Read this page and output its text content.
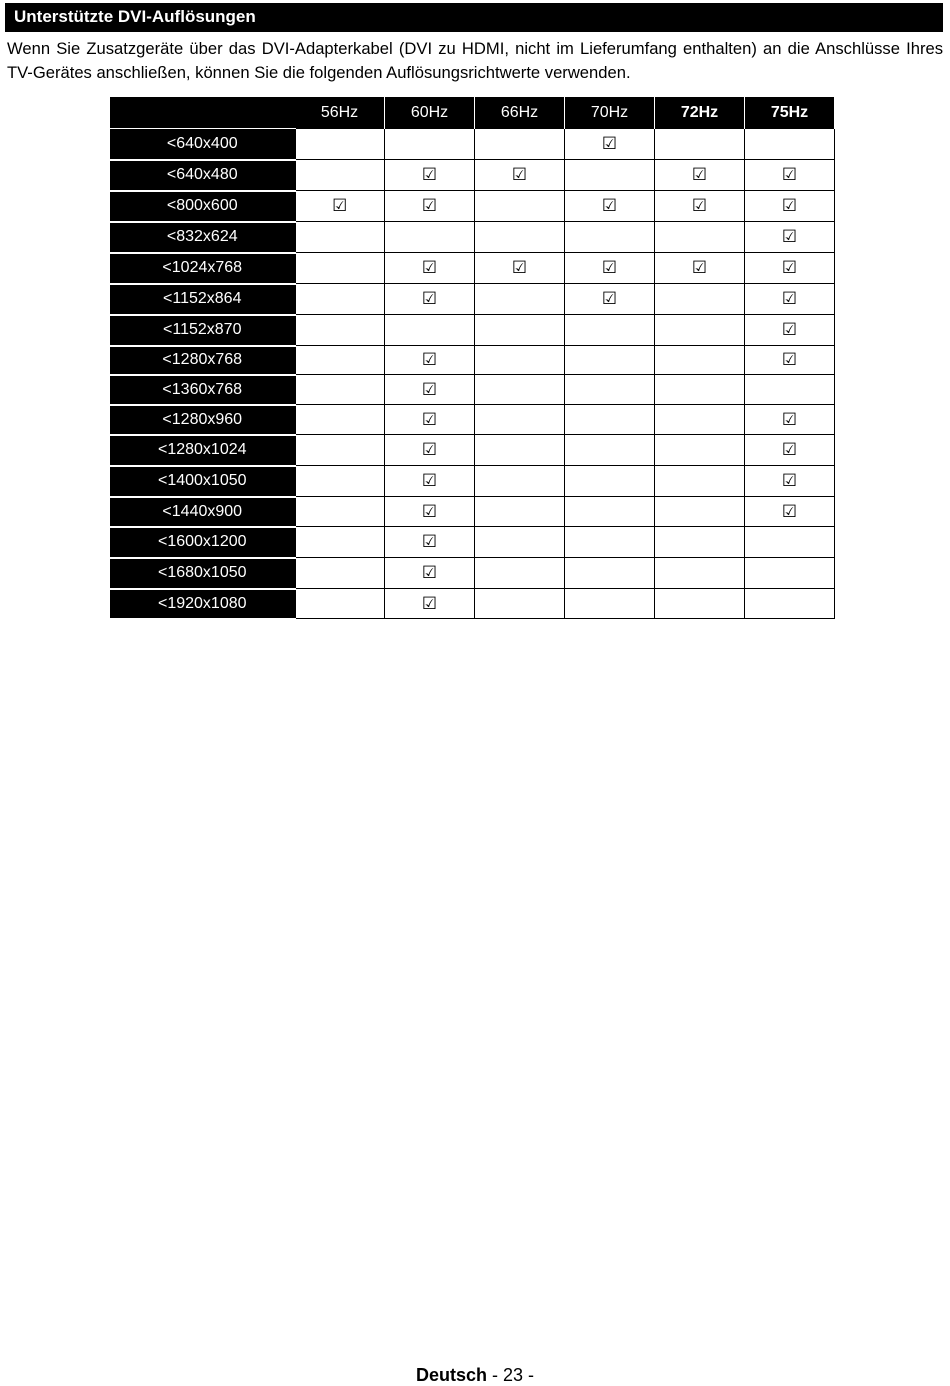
Unterstützte DVI-Auflösungen

Wenn Sie Zusatzgeräte über das DVI-Adapterkabel (DVI zu HDMI, nicht im Lieferumfang enthalten) an die Anschlüsse Ihres TV-Gerätes anschließen, können Sie die folgenden Auflösungsrichtwerte verwenden.

	56Hz	60Hz	66Hz	70Hz	72Hz	75Hz
<640x400				☑		
<640x480		☑	☑		☑	☑
<800x600	☑	☑		☑	☑	☑
<832x624						☑
<1024x768		☑	☑	☑	☑	☑
<1152x864		☑		☑		☑
<1152x870						☑
<1280x768		☑				☑
<1360x768		☑				
<1280x960		☑				☑
<1280x1024		☑				☑
<1400x1050		☑				☑
<1440x900		☑				☑
<1600x1200		☑				
<1680x1050		☑				
<1920x1080		☑				
Deutsch - 23 -
